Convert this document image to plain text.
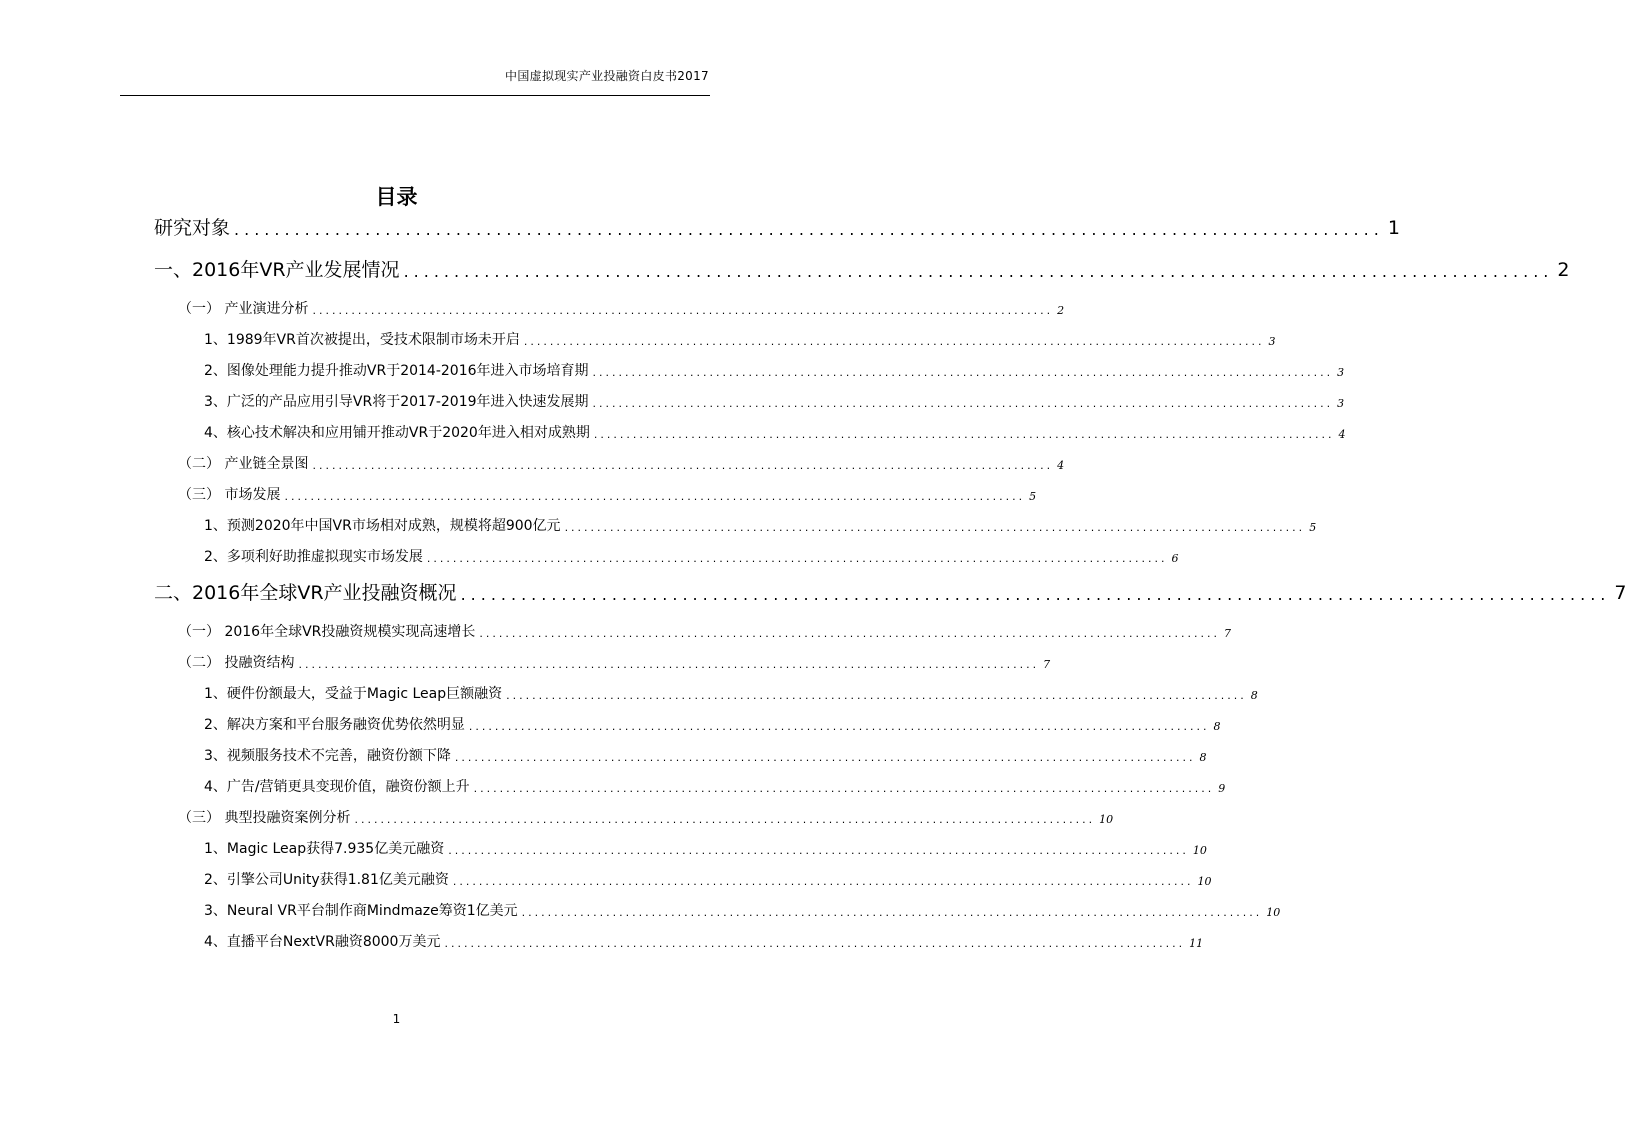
中国虚拟现实产业投融资白皮书2017
目录
研究对象 .................................................................................................................. 1
一、2016年VR产业发展情况 .................................................................................................................. 2
（一） 产业演进分析 .................................................................................................................. 2
1、1989年VR首次被提出，受技术限制市场未开启 .................................................................................................................. 3
2、图像处理能力提升推动VR于2014-2016年进入市场培育期 .................................................................................................................. 3
3、广泛的产品应用引导VR将于2017-2019年进入快速发展期 .................................................................................................................. 3
4、核心技术解决和应用铺开推动VR于2020年进入相对成熟期 .................................................................................................................. 4
（二） 产业链全景图 .................................................................................................................. 4
（三） 市场发展 .................................................................................................................. 5
1、预测2020年中国VR市场相对成熟，规模将超900亿元 .................................................................................................................. 5
2、多项利好助推虚拟现实市场发展 .................................................................................................................. 6
二、2016年全球VR产业投融资概况 .................................................................................................................. 7
（一） 2016年全球VR投融资规模实现高速增长 .................................................................................................................. 7
（二） 投融资结构 .................................................................................................................. 7
1、硬件份额最大，受益于Magic Leap巨额融资 .................................................................................................................. 8
2、解决方案和平台服务融资优势依然明显 .................................................................................................................. 8
3、视频服务技术不完善，融资份额下降 .................................................................................................................. 8
4、广告/营销更具变现价值，融资份额上升 .................................................................................................................. 9
（三） 典型投融资案例分析 .................................................................................................................. 10
1、Magic Leap获得7.935亿美元融资 .................................................................................................................. 10
2、引擎公司Unity获得1.81亿美元融资 .................................................................................................................. 10
3、Neural VR平台制作商Mindmaze筹资1亿美元 .................................................................................................................. 10
4、直播平台NextVR融资8000万美元 .................................................................................................................. 11
1
